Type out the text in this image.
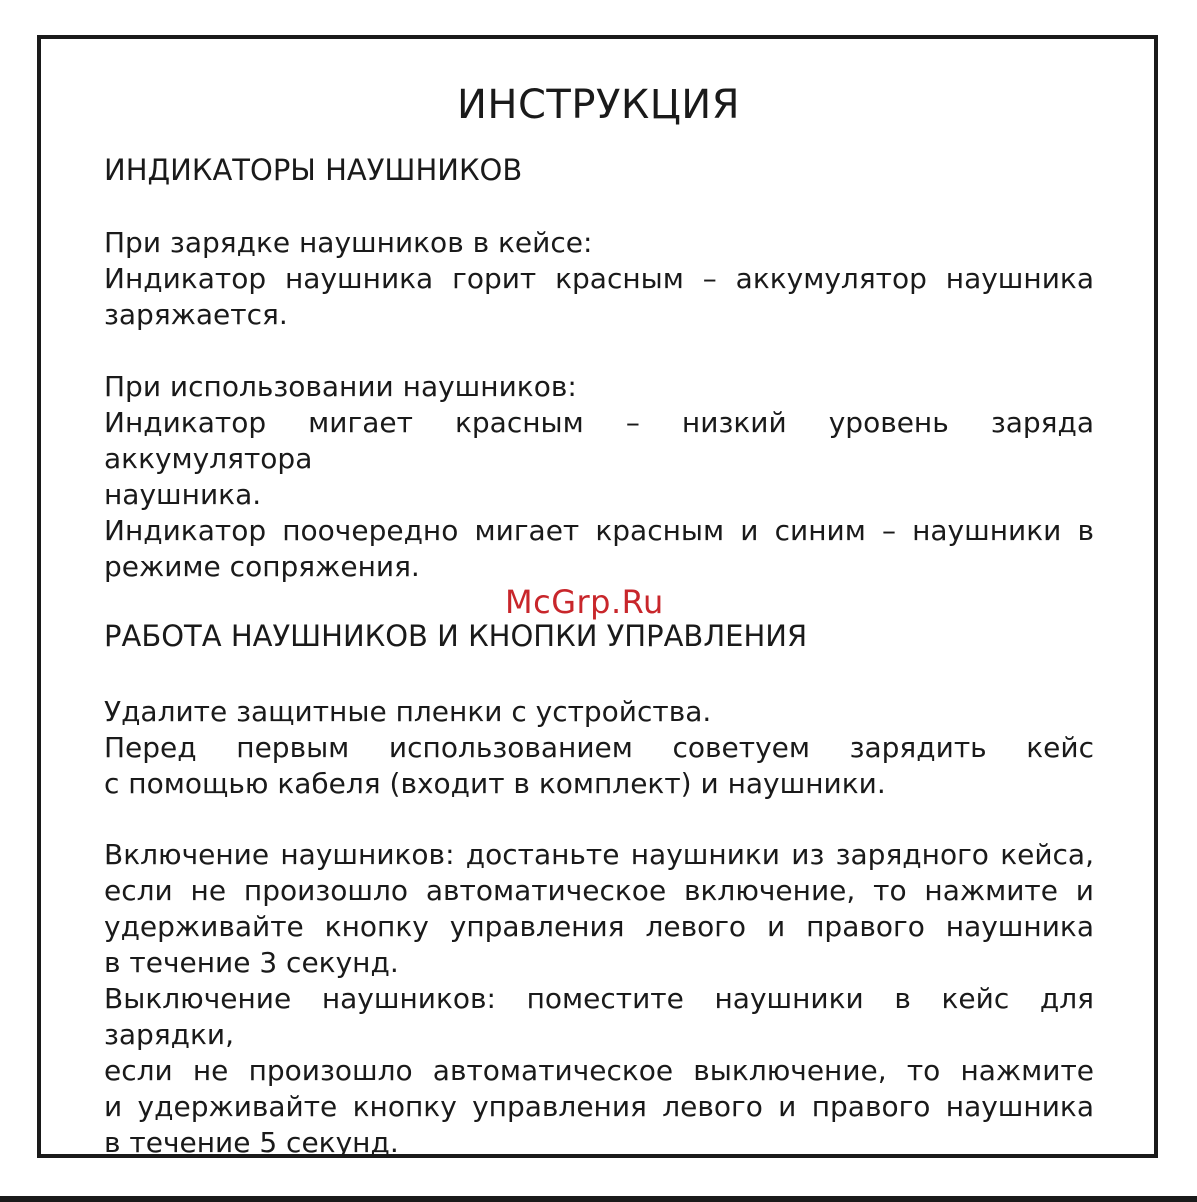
ИНСТРУКЦИЯ
ИНДИКАТОРЫ НАУШНИКОВ
При зарядке наушников в кейсе:
Индикатор наушника горит красным – аккумулятор наушника
заряжается.
При использовании наушников:
Индикатор мигает красным – низкий уровень заряда аккумулятора
наушника.
Индикатор поочередно мигает красным и синим – наушники в
режиме сопряжения.
McGrp.Ru
РАБОТА НАУШНИКОВ И КНОПКИ УПРАВЛЕНИЯ
Удалите защитные пленки с устройства.
Перед первым использованием советуем зарядить кейс
с помощью кабеля (входит в комплект) и наушники.
Включение наушников: достаньте наушники из зарядного кейса,
если не произошло автоматическое включение, то нажмите и
удерживайте кнопку управления левого и правого наушника
в течение 3 секунд.
Выключение наушников: поместите наушники в кейс для зарядки,
если не произошло автоматическое выключение, то нажмите
и удерживайте кнопку управления левого и правого наушника
в течение 5 секунд.
